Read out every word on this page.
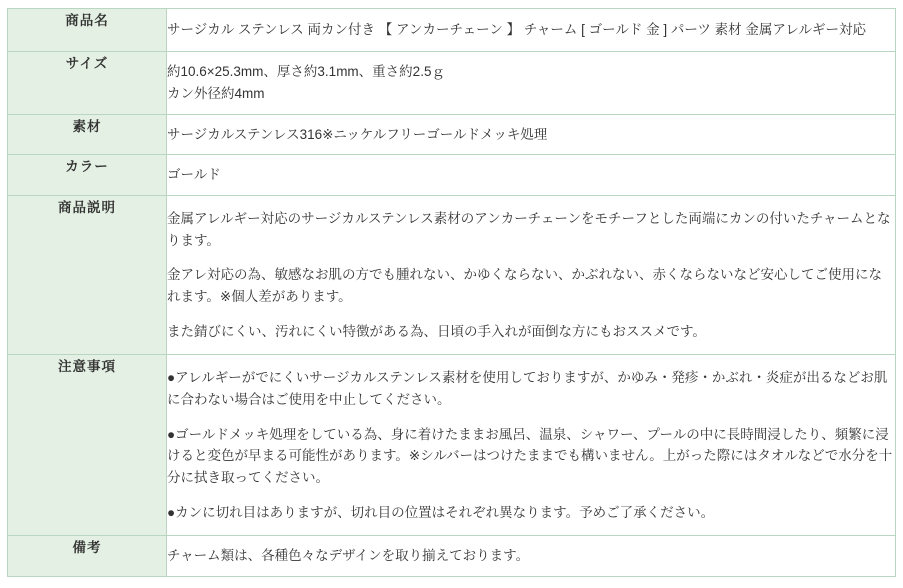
商品名	サージカル ステンレス 両カン付き 【 アンカーチェーン 】 チャーム [ ゴールド 金 ] パーツ 素材 金属アレルギー対応

サイズ	約10.6×25.3mm、厚さ約3.1mm、重さ約2.5ｇ

カン外径約4mm

素材	サージカルステンレス316※ニッケルフリーゴールドメッキ処理

カラー	ゴールド

商品説明	金属アレルギー対応のサージカルステンレス素材のアンカーチェーンをモチーフとした両端にカンの付いたチャームとなります。

金アレ対応の為、敏感なお肌の方でも腫れない、かゆくならない、かぶれない、赤くならないなど安心してご使用になれます。※個人差があります。

また錆びにくい、汚れにくい特徴がある為、日頃の手入れが面倒な方にもおススメです。

注意事項	●アレルギーがでにくいサージカルステンレス素材を使用しておりますが、かゆみ・発疹・かぶれ・炎症が出るなどお肌に合わない場合はご使用を中止してください。

●ゴールドメッキ処理をしている為、身に着けたままお風呂、温泉、シャワー、プールの中に長時間浸したり、頻繁に浸けると変色が早まる可能性があります。※シルバーはつけたままでも構いません。上がった際にはタオルなどで水分を十分に拭き取ってください。

●カンに切れ目はありますが、切れ目の位置はそれぞれ異なります。予めご了承ください。

備考	チャーム類は、各種色々なデザインを取り揃えております。
